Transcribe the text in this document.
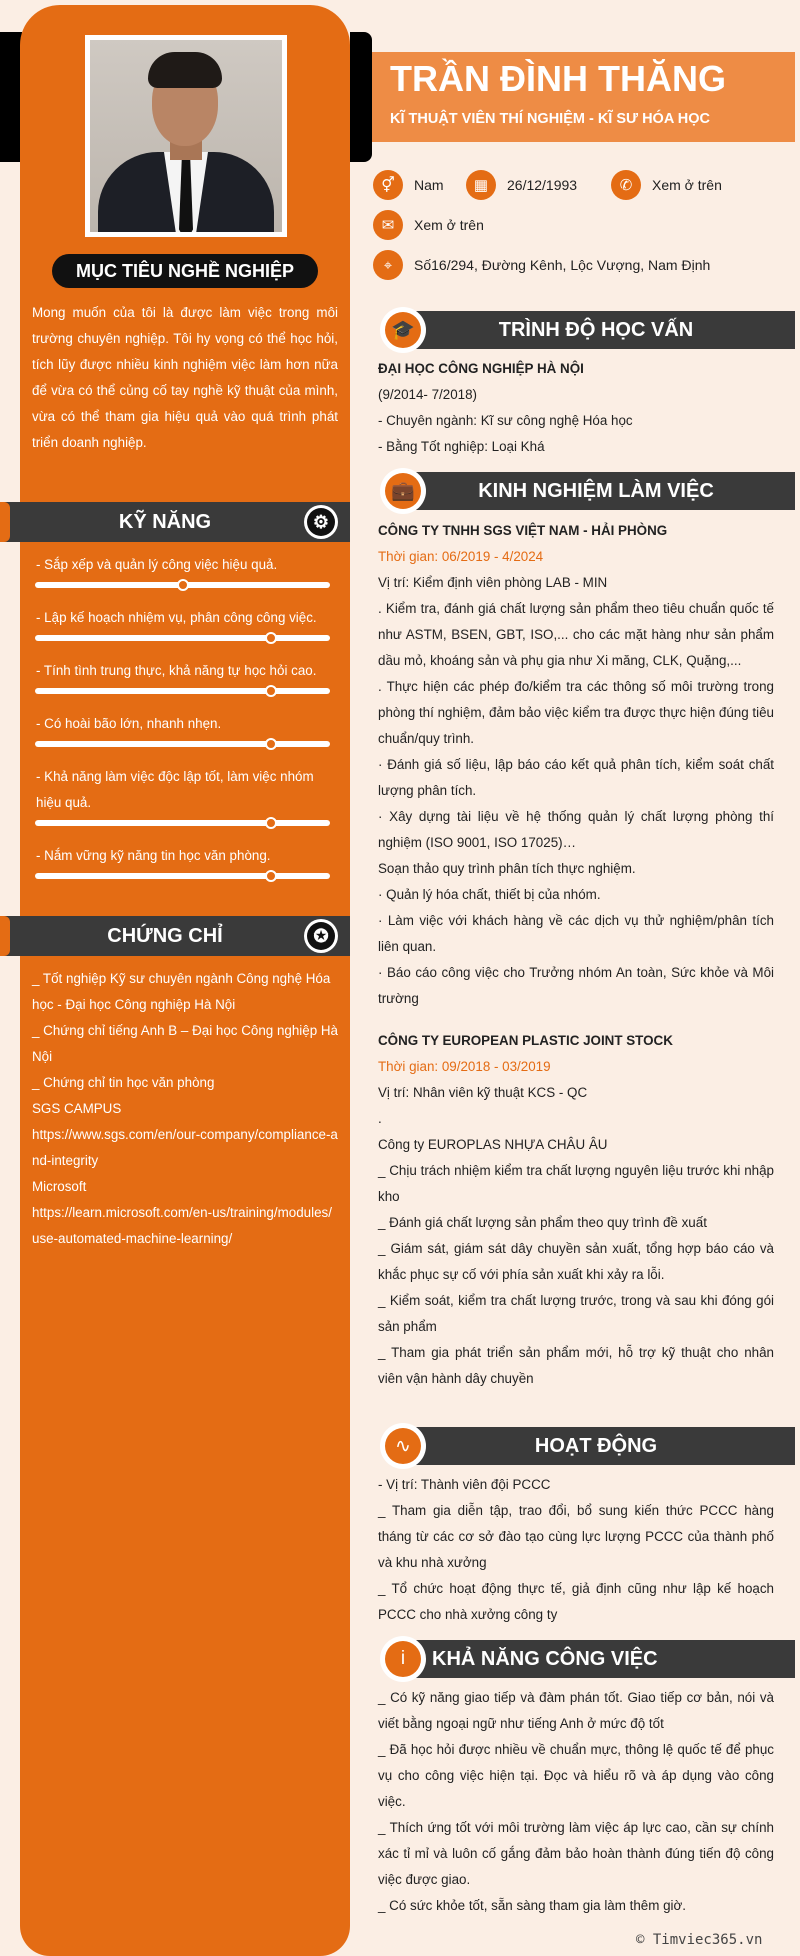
MỤC TIÊU NGHỀ NGHIỆP
Mong muốn của tôi là được làm việc trong môi trường chuyên nghiệp. Tôi hy vọng có thể học hỏi, tích lũy được nhiều kinh nghiệm việc làm hơn nữa để vừa có thể củng cố tay nghề kỹ thuật của mình, vừa có thể tham gia hiệu quả vào quá trình phát triển doanh nghiệp.
KỸ NĂNG	⚙
- Sắp xếp và quản lý công việc hiệu quả.
- Lập kế hoạch nhiệm vụ, phân công công việc.
- Tính tình trung thực, khả năng tự học hỏi cao.
- Có hoài bão lớn, nhanh nhẹn.
- Khả năng làm việc độc lập tốt, làm việc nhóm hiệu quả.
- Nắm vững kỹ năng tin học văn phòng.
CHỨNG CHỈ	✪
_ Tốt nghiệp Kỹ sư chuyên ngành Công nghệ Hóa học - Đại học Công nghiệp Hà Nội
_ Chứng chỉ tiếng Anh B – Đại học Công nghiệp Hà Nội
_ Chứng chỉ tin học văn phòng
SGS CAMPUS
https://www.sgs.com/en/our-company/compliance-and-integrity
Microsoft
https://learn.microsoft.com/en-us/training/modules/use-automated-machine-learning/
TRẦN ĐÌNH THĂNG
KĨ THUẬT VIÊN THÍ NGHIỆM - KĨ SƯ HÓA HỌC
⚥	Nam	▦	26/12/1993	✆	Xem ở trên
✉	Xem ở trên
⌖	Số16/294, Đường Kênh, Lộc Vượng, Nam Định
TRÌNH ĐỘ HỌC VẤN
🎓
ĐẠI HỌC CÔNG NGHIỆP HÀ NỘI
(9/2014- 7/2018)
- Chuyên ngành: Kĩ sư công nghệ Hóa học
- Bằng Tốt nghiệp: Loại Khá
KINH NGHIỆM LÀM VIỆC
💼
CÔNG TY TNHH SGS VIỆT NAM - HẢI PHÒNG
Thời gian: 06/2019 - 4/2024
Vị trí: Kiểm định viên phòng LAB - MIN
. Kiểm tra, đánh giá chất lượng sản phẩm theo tiêu chuẩn quốc tế như ASTM, BSEN, GBT, ISO,... cho các mặt hàng như sản phẩm dầu mỏ, khoáng sản và phụ gia như Xi măng, CLK, Quặng,...
. Thực hiện các phép đo/kiểm tra các thông số môi trường trong phòng thí nghiệm, đảm bảo việc kiểm tra được thực hiện đúng tiêu chuẩn/quy trình.
· Đánh giá số liệu, lập báo cáo kết quả phân tích, kiểm soát chất lượng phân tích.
· Xây dựng tài liệu về hệ thống quản lý chất lượng phòng thí nghiệm (ISO 9001, ISO 17025)…
Soạn thảo quy trình phân tích thực nghiệm.
· Quản lý hóa chất, thiết bị của nhóm.
· Làm việc với khách hàng về các dịch vụ thử nghiệm/phân tích liên quan.
· Báo cáo công việc cho Trưởng nhóm An toàn, Sức khỏe và Môi trường
CÔNG TY EUROPEAN PLASTIC JOINT STOCK
Thời gian: 09/2018 - 03/2019
Vị trí: Nhân viên kỹ thuật KCS - QC
.
Công ty EUROPLAS NHỰA CHÂU ÂU
_ Chịu trách nhiệm kiểm tra chất lượng nguyên liệu trước khi nhập kho
_ Đánh giá chất lượng sản phẩm theo quy trình đề xuất
_ Giám sát, giám sát dây chuyền sản xuất, tổng hợp báo cáo và khắc phục sự cố với phía sản xuất khi xảy ra lỗi.
_ Kiểm soát, kiểm tra chất lượng trước, trong và sau khi đóng gói sản phẩm
_ Tham gia phát triển sản phẩm mới, hỗ trợ kỹ thuật cho nhân viên vận hành dây chuyền
HOẠT ĐỘNG
∿
- Vị trí: Thành viên đội PCCC
_ Tham gia diễn tập, trao đổi, bổ sung kiến thức PCCC hàng tháng từ các cơ sở đào tạo cùng lực lượng PCCC của thành phố và khu nhà xưởng
_ Tổ chức hoạt động thực tế, giả định cũng như lập kế hoạch PCCC cho nhà xưởng công ty
KHẢ NĂNG CÔNG VIỆC
i
_ Có kỹ năng giao tiếp và đàm phán tốt. Giao tiếp cơ bản, nói và viết bằng ngoại ngữ như tiếng Anh ở mức độ tốt
_ Đã học hỏi được nhiều về chuẩn mực, thông lệ quốc tế để phục vụ cho công việc hiện tại. Đọc và hiểu rõ và áp dụng vào công việc.
_ Thích ứng tốt với môi trường làm việc áp lực cao, cần sự chính xác tỉ mỉ và luôn cố gắng đảm bảo hoàn thành đúng tiến độ công việc được giao.
_ Có sức khỏe tốt, sẵn sàng tham gia làm thêm giờ.
© Timviec365.vn
